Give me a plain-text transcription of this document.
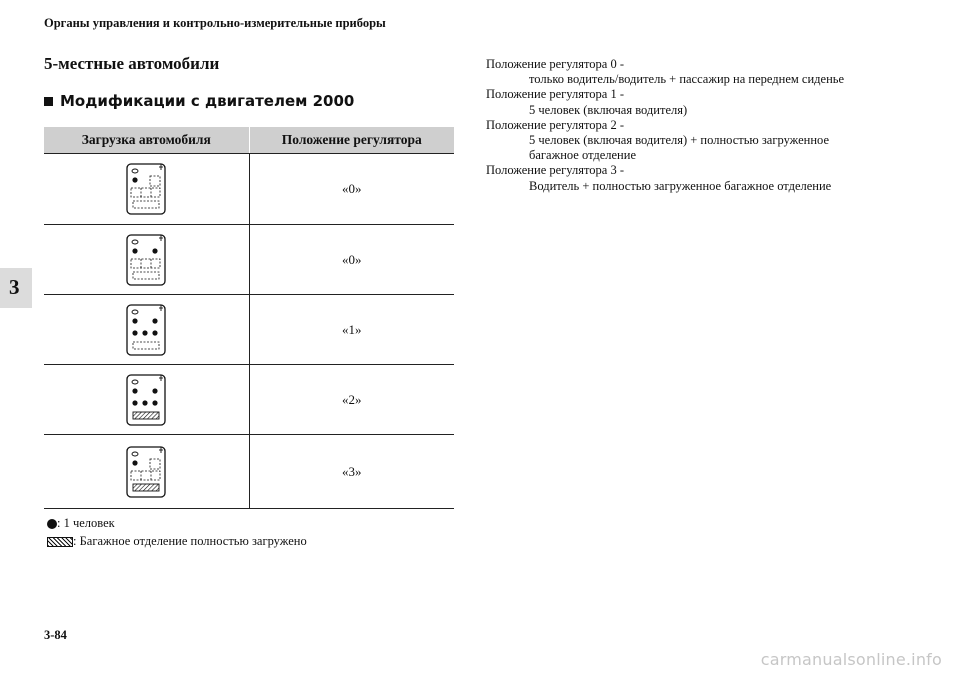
Органы управления и контрольно-измерительные приборы
3
5-местные автомобили
Модификации с двигателем 2000
Загрузка автомобиля	Положение регулятора

	«0»

	«0»

	«1»

	«2»

	«3»
: 1 человек
: Багажное отделение полностью загружено

Положение регулятора 0 -

только водитель/водитель + пассажир на переднем сиденье

Положение регулятора 1 -

5 человек (включая водителя)

Положение регулятора 2 -

5 человек (включая водителя) + полностью загруженное

багажное отделение

Положение регулятора 3 -

Водитель + полностью загруженное багажное отделение

3-84
carmanualsonline.info
